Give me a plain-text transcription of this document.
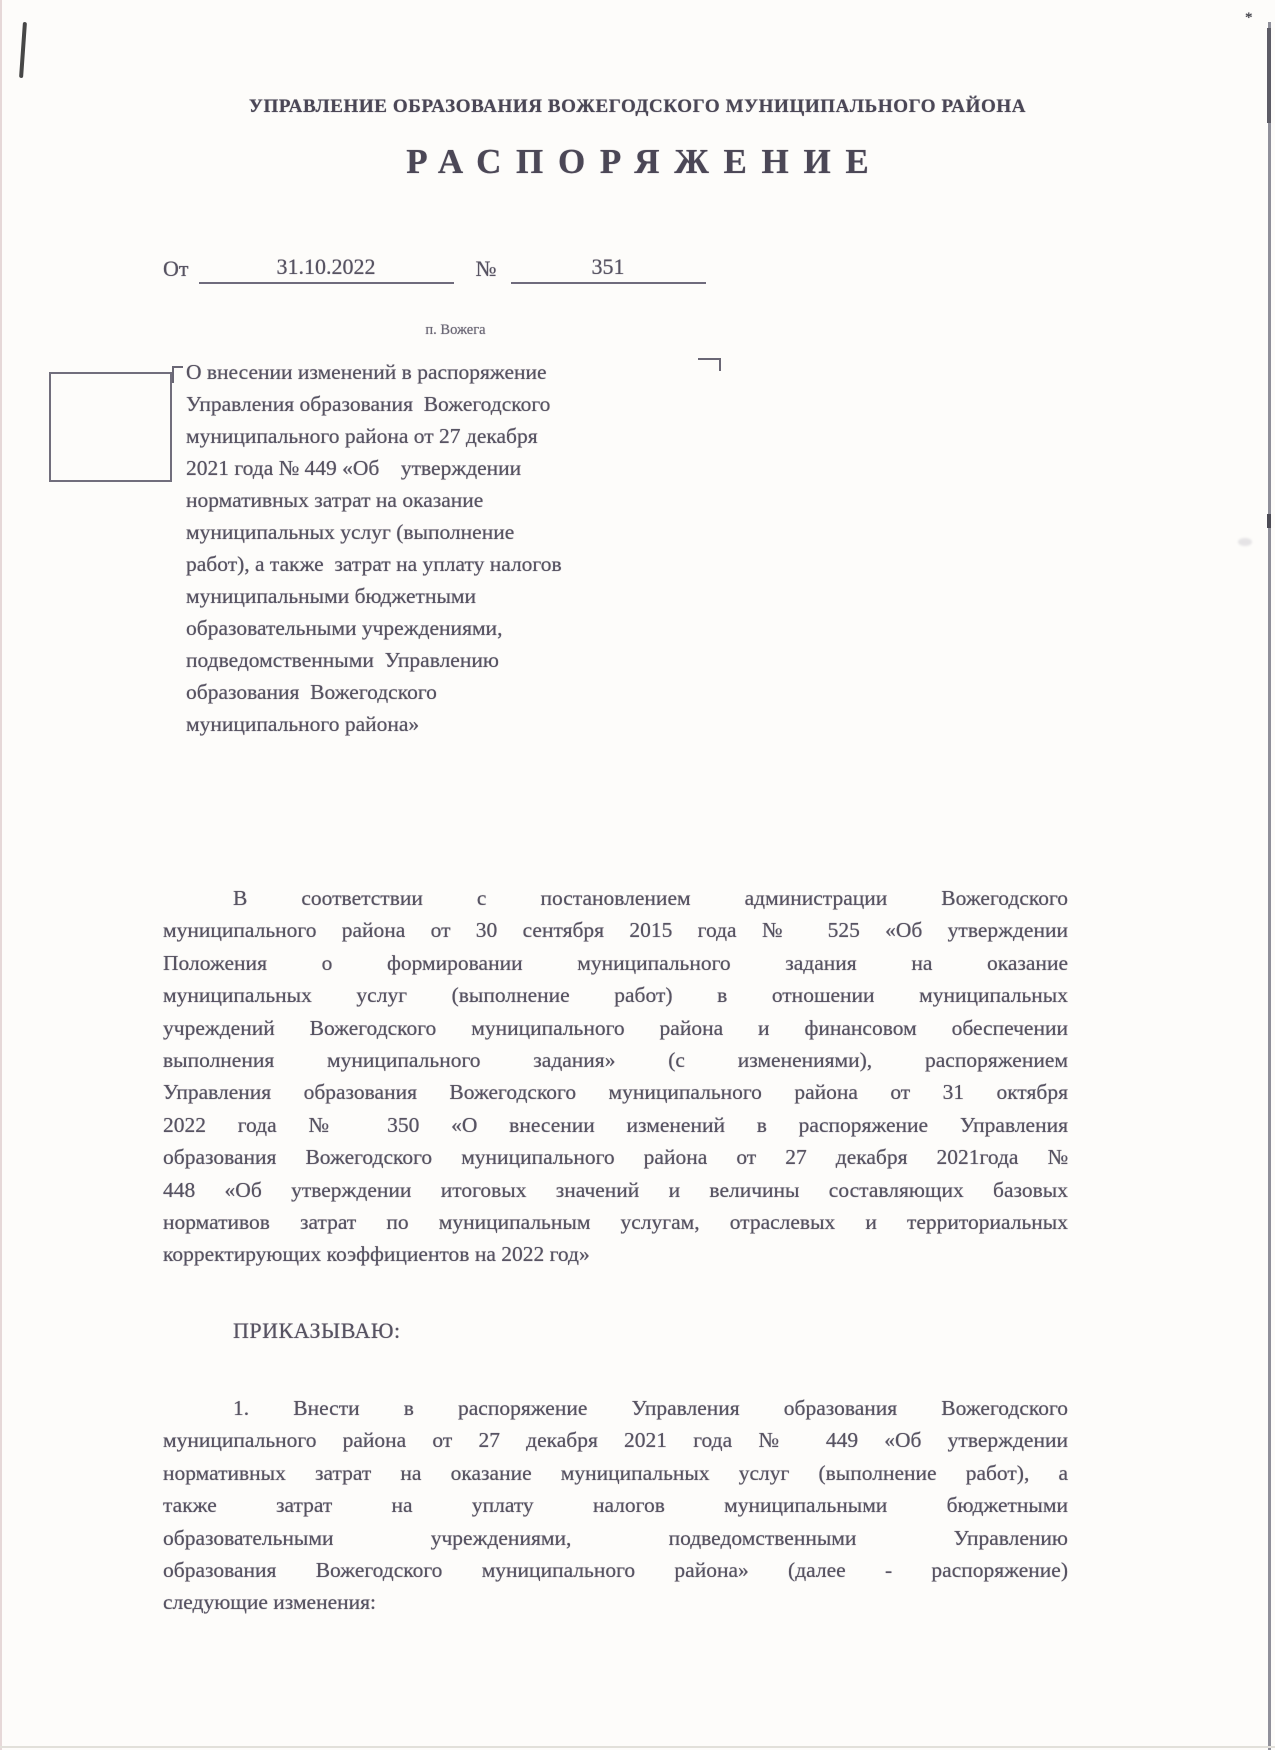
*
УПРАВЛЕНИЕ ОБРАЗОВАНИЯ ВОЖЕГОДСКОГО МУНИЦИПАЛЬНОГО РАЙОНА
РАСПОРЯЖЕНИЕ
От	31.10.2022	№	351
п. Вожега
О внесении изменений в распоряжение
Управления образования  Вожегодского
муниципального района от 27 декабря
2021 года № 449 «Об    утверждении
нормативных затрат на оказание
муниципальных услуг (выполнение
работ), а также  затрат на уплату налогов
муниципальными бюджетными
образовательными учреждениями,
подведомственными  Управлению
образования  Вожегодского
муниципального района»
В соответствии с постановлением администрации Вожегодского
муниципального района от 30 сентября 2015 года № 525 «Об утверждении
Положения о формировании муниципального задания на оказание
муниципальных услуг (выполнение работ) в отношении муниципальных
учреждений Вожегодского муниципального района и финансовом обеспечении
выполнения муниципального задания» (с изменениями), распоряжением
Управления образования Вожегодского муниципального района от 31 октября
2022 года № 350 «О внесении изменений в распоряжение Управления
образования Вожегодского муниципального района от 27 декабря 2021года №
448 «Об утверждении итоговых значений и величины составляющих базовых
нормативов затрат по муниципальным услугам, отраслевых и территориальных
корректирующих коэффициентов на 2022 год»
ПРИКАЗЫВАЮ:
1. Внести в распоряжение Управления образования Вожегодского
муниципального района от 27 декабря 2021 года № 449 «Об утверждении
нормативных затрат на оказание муниципальных услуг (выполнение работ), а
также затрат на уплату налогов муниципальными бюджетными
образовательными учреждениями, подведомственными Управлению
образования Вожегодского муниципального района» (далее - распоряжение)
следующие изменения:
